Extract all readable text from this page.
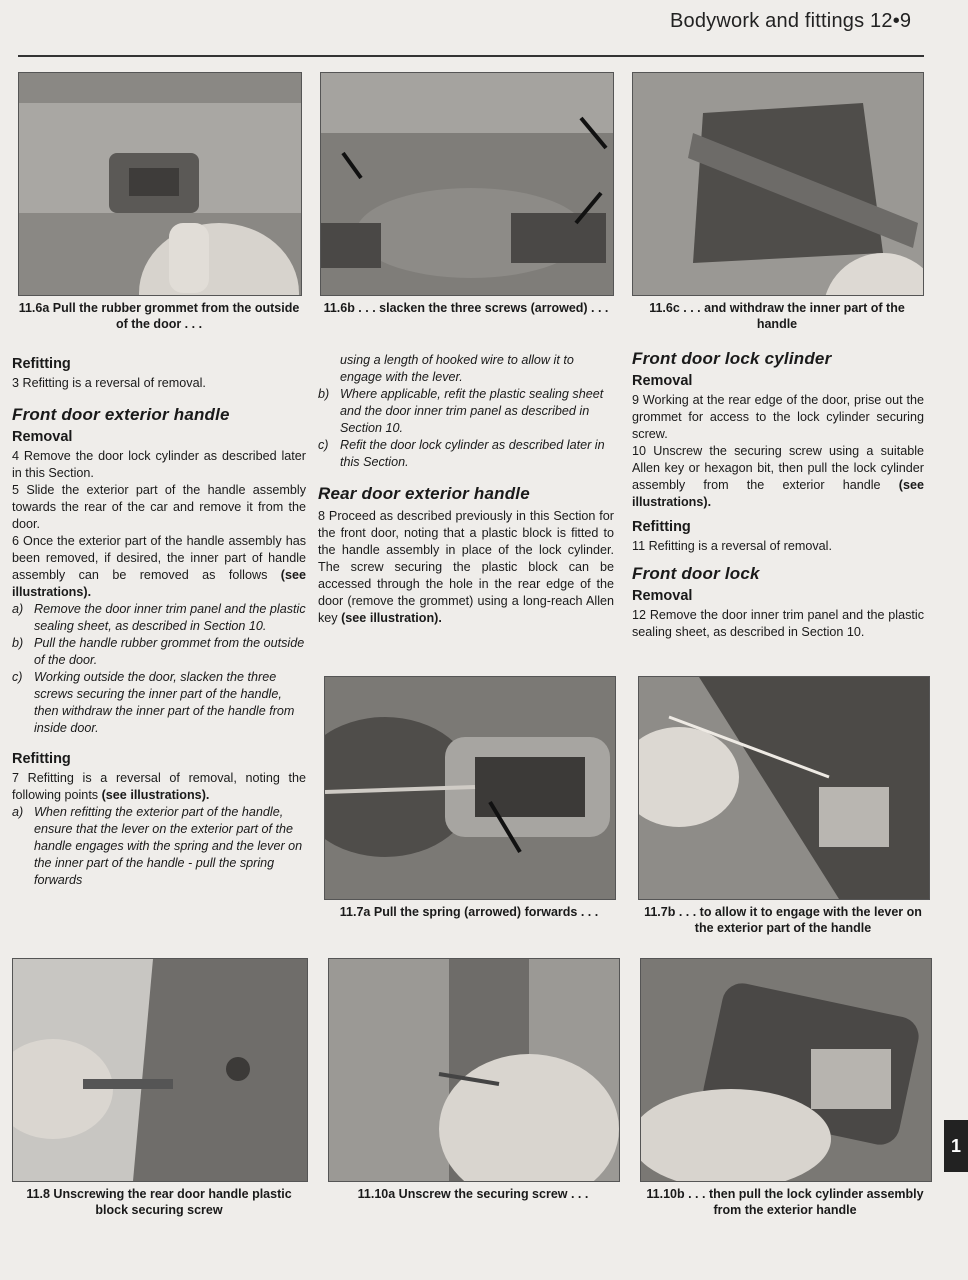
Bodywork and fittings 12•9
11.6a Pull the rubber grommet from the outside of the door . . .
11.6b . . . slacken the three screws (arrowed) . . .	11.6c . . . and withdraw the inner part of the handle
Refitting

3 Refitting is a reversal of removal.

Front door exterior handle
Removal

4 Remove the door lock cylinder as described later in this Section.

5 Slide the exterior part of the handle assembly towards the rear of the car and remove it from the door.

6 Once the exterior part of the handle assembly has been removed, if desired, the inner part of handle assembly can be removed as follows (see illustrations).

a) Remove the door inner trim panel and the plastic sealing sheet, as described in Section 10.
b) Pull the handle rubber grommet from the outside of the door.
c) Working outside the door, slacken the three screws securing the inner part of the handle, then withdraw the inner part of the handle from inside door.
Refitting

7 Refitting is a reversal of removal, noting the following points (see illustrations).

a) When refitting the exterior part of the handle, ensure that the lever on the exterior part of the handle engages with the spring and the lever on the inner part of the handle - pull the spring forwards
using a length of hooked wire to allow it to engage with the lever.
b) Where applicable, refit the plastic sealing sheet and the door inner trim panel as described in Section 10.
c) Refit the door lock cylinder as described later in this Section.
Rear door exterior handle

8 Proceed as described previously in this Section for the front door, noting that a plastic block is fitted to the handle assembly in place of the lock cylinder. The screw securing the plastic block can be accessed through the hole in the rear edge of the door (remove the grommet) using a long-reach Allen key (see illustration).

Front door lock cylinder
Removal

9 Working at the rear edge of the door, prise out the grommet for access to the lock cylinder securing screw.

10 Unscrew the securing screw using a suitable Allen key or hexagon bit, then pull the lock cylinder assembly from the exterior handle (see illustrations).

Refitting

11 Refitting is a reversal of removal.

Front door lock
Removal

12 Remove the door inner trim panel and the plastic sealing sheet, as described in Section 10.

11.7a Pull the spring (arrowed) forwards . . .	11.7b . . . to allow it to engage with the lever on the exterior part of the handle
11.8 Unscrewing the rear door handle plastic block securing screw
11.10a Unscrew the securing screw . . .	11.10b . . . then pull the lock cylinder assembly from the exterior handle
1
